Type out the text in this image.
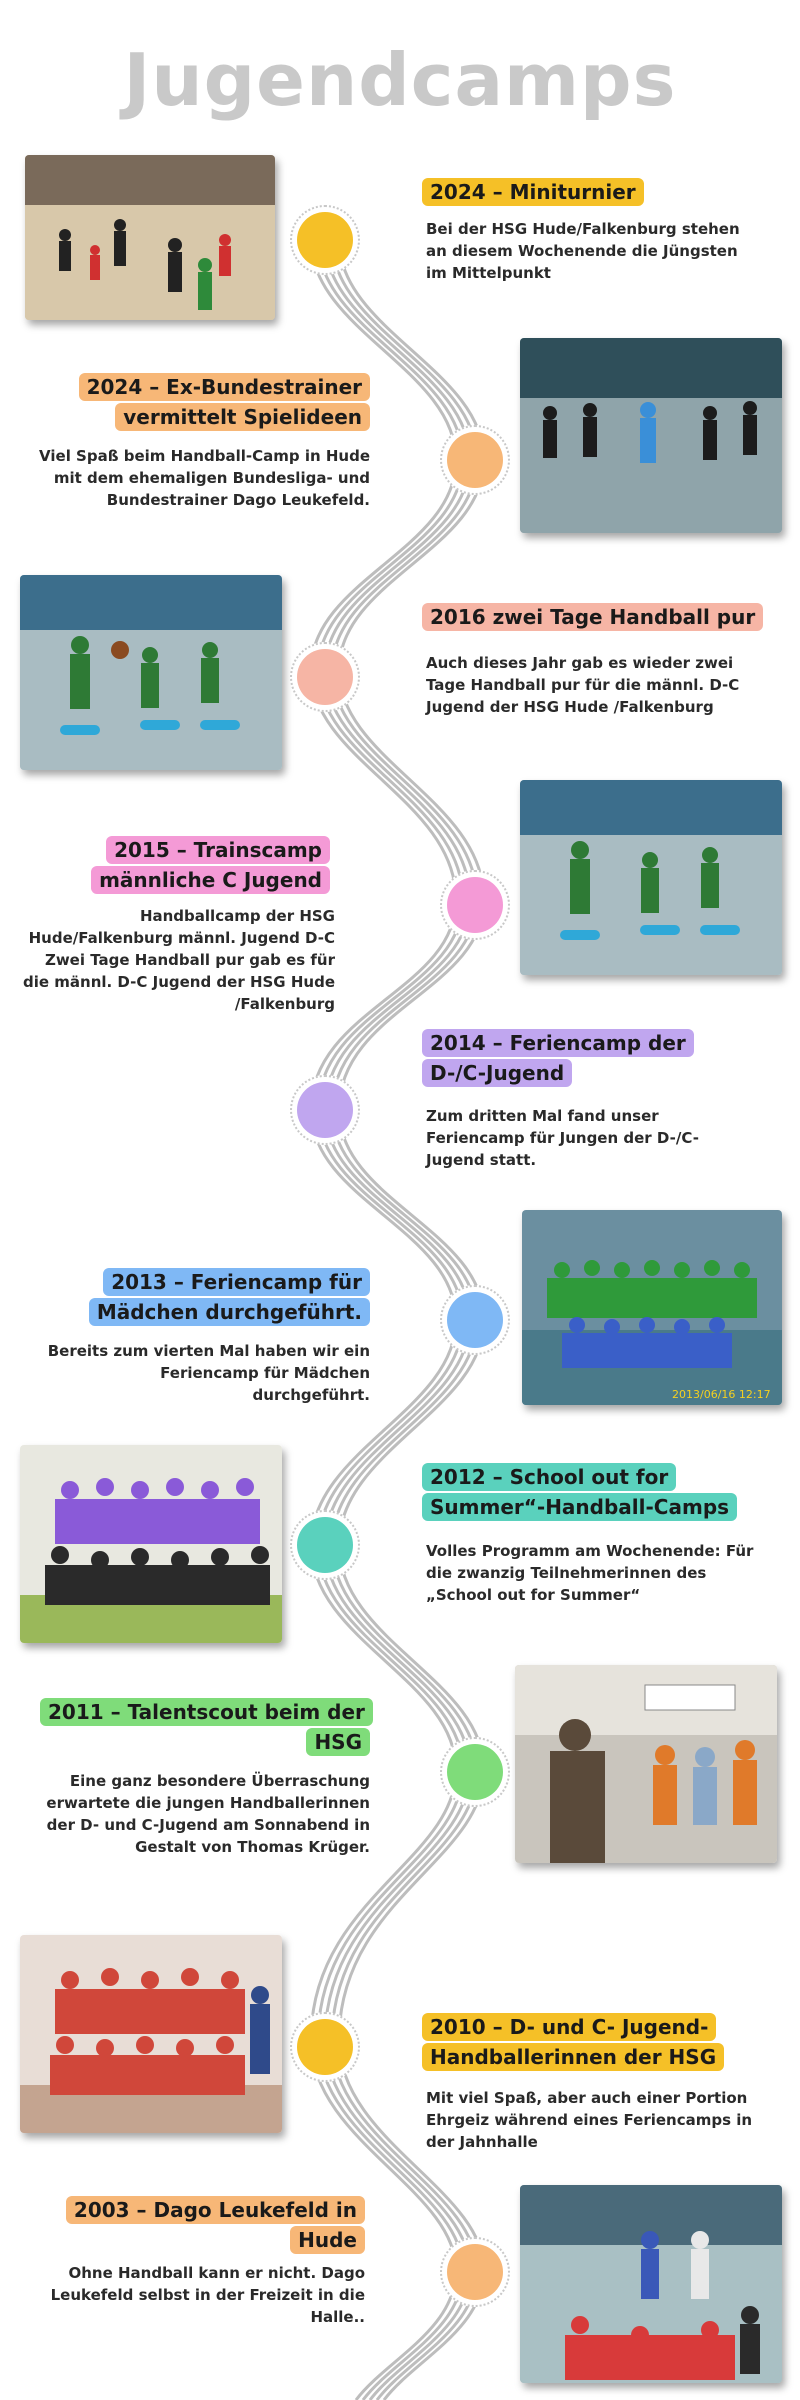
Jugendcamps
2024 – Miniturnier
Bei der HSG Hude/Falkenburg stehen an diesem Wochenende die Jüngsten im Mittelpunkt
2024 – Ex-Bundestrainer vermittelt Spielideen
Viel Spaß beim Handball-Camp in Hude mit dem ehemaligen Bundesliga- und Bundestrainer Dago Leukefeld.
2016 zwei Tage Handball pur
Auch dieses Jahr gab es wieder zwei Tage Handball pur für die männl. D-C Jugend der HSG Hude /Falkenburg
2015 – Trainscamp männliche C Jugend
Handballcamp der HSG Hude/Falkenburg männl. Jugend D-C Zwei Tage Handball pur gab es für die männl. D-C Jugend der HSG Hude /Falkenburg
2014 – Feriencamp der D-/C-Jugend
Zum dritten Mal fand unser Feriencamp für Jungen der D-/C-Jugend statt.
2013 – Feriencamp für Mädchen durchgeführt.
Bereits zum vierten Mal haben wir ein Feriencamp für Mädchen durchgeführt.	2013/06/16 12:17
2012 – School out for Summer“-Handball-Camps
Volles Programm am Wochenende: Für die zwanzig Teilnehmerinnen des „School out for Summer“
2011 – Talentscout beim der HSG
Eine ganz besondere Überraschung erwartete die jungen Handballerinnen der D- und C-Jugend am Sonnabend in Gestalt von Thomas Krüger.
2010 – D- und C- Jugend-Handballerinnen der HSG
Mit viel Spaß, aber auch einer Portion Ehrgeiz während eines Feriencamps in der Jahnhalle
2003 – Dago Leukefeld in Hude
Ohne Handball kann er nicht. Dago Leukefeld selbst in der Freizeit in die Halle..
